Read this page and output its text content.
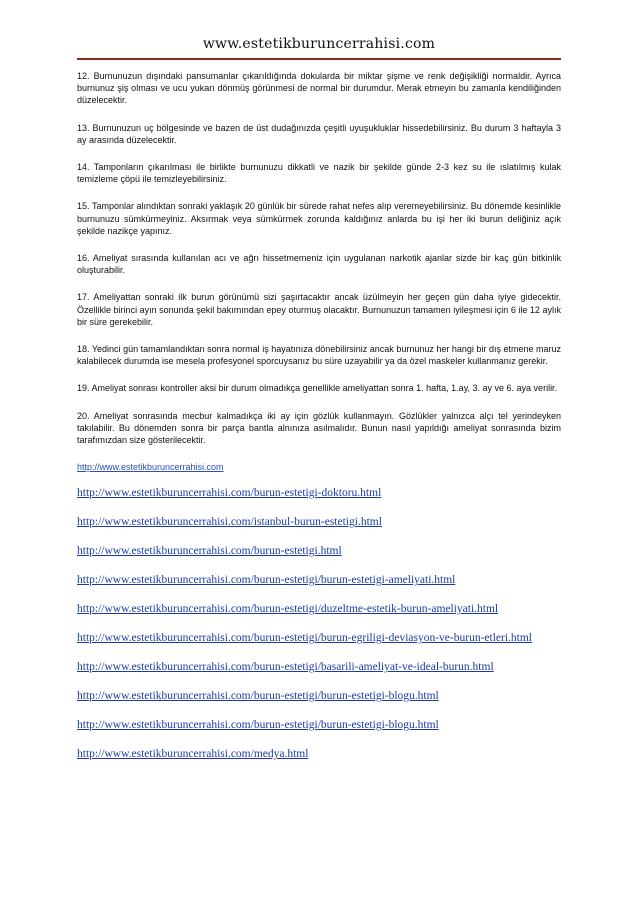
www.estetikburuncerrahisi.com

12. Burnunuzun dışındaki pansumanlar çıkarıldığında dokularda bir miktar şişme ve renk değişikliği normaldir. Ayrıca burnunuz şiş olması ve ucu yukarı dönmüş görünmesi de normal bir durumdur. Merak etmeyin bu zamanla kendiliğinden düzelecektir.

13. Burnunuzun uç bölgesinde ve bazen de üst dudağınızda çeşitli uyuşukluklar hissedebilirsiniz. Bu durum 3 haftayla 3 ay arasında düzelecektir.

14. Tamponların çıkarılması ile birlikte burnunuzu dikkatli ve nazik bir şekilde günde 2-3 kez su ile ıslatılmış kulak temizleme çöpü ile temizleyebilirsiniz.

15. Tamponlar alındıktan sonraki yaklaşık 20 günlük bir sürede rahat nefes alıp veremeyebilirsiniz. Bu dönemde kesinlikle burnunuzu sümkürmeyiniz. Aksırmak veya sümkürmek zorunda kaldığınız anlarda bu işi her iki burun deliğiniz açık şekilde nazikçe yapınız.

16. Ameliyat sırasında kullanılan acı ve ağrı hissetmemeniz için uygulanan narkotik ajanlar sizde bir kaç gün bitkinlik oluşturabilir.

17. Ameliyattan sonraki ilk burun görünümü sizi şaşırtacaktır ancak üzülmeyin her geçen gün daha iyiye gidecektir. Özellikle birinci ayın sonunda şekil bakımından epey oturmuş olacaktır. Burnunuzun tamamen iyileşmesi için 6 ile 12 aylık bir süre gerekebilir.

18. Yedinci gün tamamlandıktan sonra normal iş hayatınıza dönebilirsiniz ancak burnunuz her hangi bir dış etmene maruz kalabilecek durumda ise mesela profesyonel sporcuysanız bu süre uzayabilir ya da özel maskeler kullanmanız gerekir.

19. Ameliyat sonrası kontroller aksi bir durum olmadıkça genellikle ameliyattan sonra 1. hafta, 1.ay, 3. ay ve 6. aya verilir.

20. Ameliyat sonrasında mecbur kalmadıkça iki ay için gözlük kullanmayın. Gözlükler yalnızca alçı tel yerindeyken takılabilir. Bu dönemden sonra bir parça bantla alnınıza asılmalıdır. Bunun nasıl yapıldığı ameliyat sonrasında bizim tarafımızdan size gösterilecektir.

http://www.estetikburuncerrahisi.com
http://www.estetikburuncerrahisi.com/burun-estetigi-doktoru.html
http://www.estetikburuncerrahisi.com/istanbul-burun-estetigi.html
http://www.estetikburuncerrahisi.com/burun-estetigi.html
http://www.estetikburuncerrahisi.com/burun-estetigi/burun-estetigi-ameliyati.html
http://www.estetikburuncerrahisi.com/burun-estetigi/duzeltme-estetik-burun-ameliyati.html
http://www.estetikburuncerrahisi.com/burun-estetigi/burun-egriligi-deviasyon-ve-burun-etleri.html
http://www.estetikburuncerrahisi.com/burun-estetigi/basarili-ameliyat-ve-ideal-burun.html
http://www.estetikburuncerrahisi.com/burun-estetigi/burun-estetigi-blogu.html
http://www.estetikburuncerrahisi.com/burun-estetigi/burun-estetigi-blogu.html
http://www.estetikburuncerrahisi.com/medya.html
